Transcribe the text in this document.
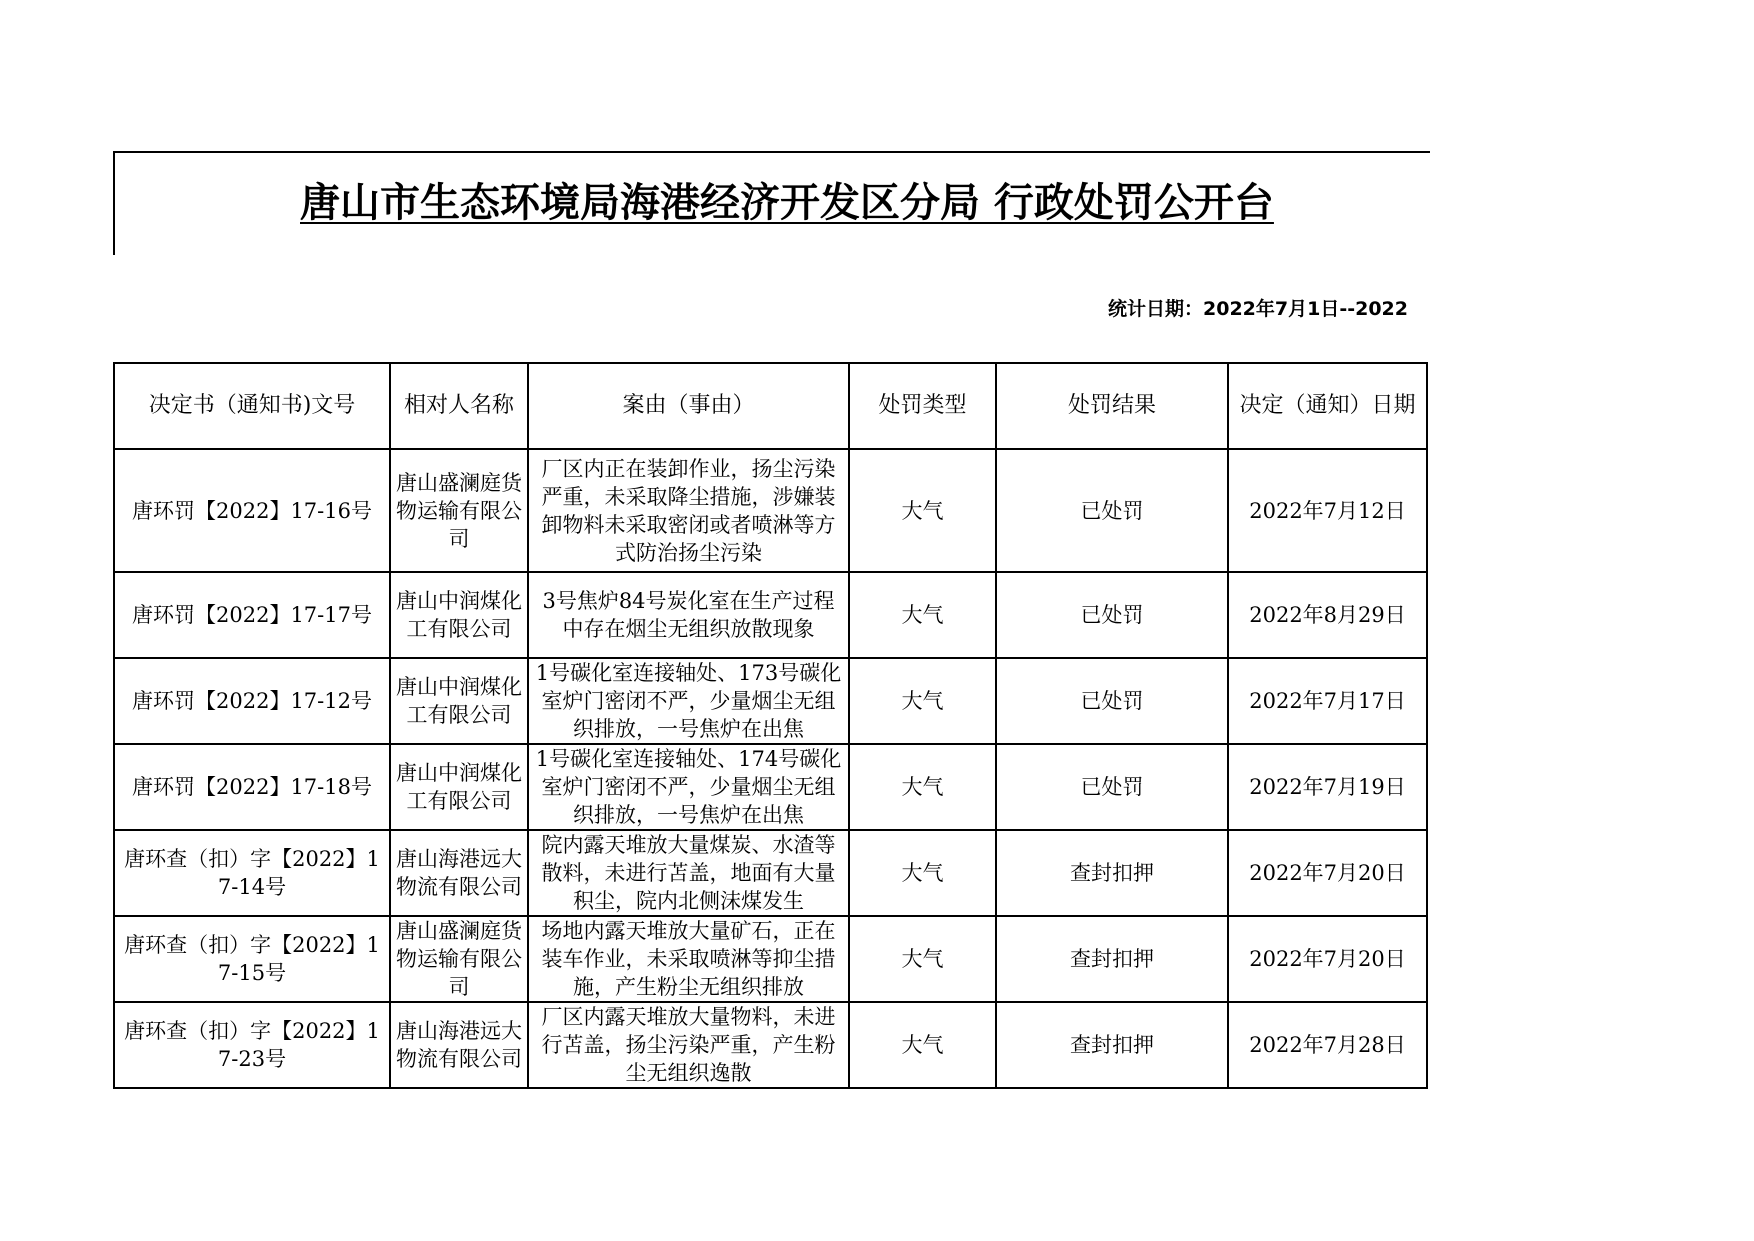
唐山市生态环境局海港经济开发区分局 行政处罚公开台
统计日期：2022年7月1日--2022
决定书（通知书)文号	相对人名称	案由（事由）	处罚类型	处罚结果	决定（通知）日期
唐环罚【2022】17-16号	唐山盛澜庭货物运输有限公司	厂区内正在装卸作业，扬尘污染严重，未采取降尘措施，涉嫌装卸物料未采取密闭或者喷淋等方式防治扬尘污染	大气	已处罚	2022年7月12日
唐环罚【2022】17-17号	唐山中润煤化工有限公司	3号焦炉84号炭化室在生产过程中存在烟尘无组织放散现象	大气	已处罚	2022年8月29日
唐环罚【2022】17-12号	唐山中润煤化工有限公司	1号碳化室连接轴处、173号碳化室炉门密闭不严，少量烟尘无组织排放，一号焦炉在出焦	大气	已处罚	2022年7月17日
唐环罚【2022】17-18号	唐山中润煤化工有限公司	1号碳化室连接轴处、174号碳化室炉门密闭不严，少量烟尘无组织排放，一号焦炉在出焦	大气	已处罚	2022年7月19日
唐环查（扣）字【2022】17-14号	唐山海港远大物流有限公司	院内露天堆放大量煤炭、水渣等散料，未进行苫盖，地面有大量积尘，院内北侧沫煤发生	大气	查封扣押	2022年7月20日
唐环查（扣）字【2022】17-15号	唐山盛澜庭货物运输有限公司	场地内露天堆放大量矿石，正在装车作业，未采取喷淋等抑尘措施，产生粉尘无组织排放	大气	查封扣押	2022年7月20日
唐环查（扣）字【2022】17-23号	唐山海港远大物流有限公司	厂区内露天堆放大量物料，未进行苫盖，扬尘污染严重，产生粉尘无组织逸散	大气	查封扣押	2022年7月28日
